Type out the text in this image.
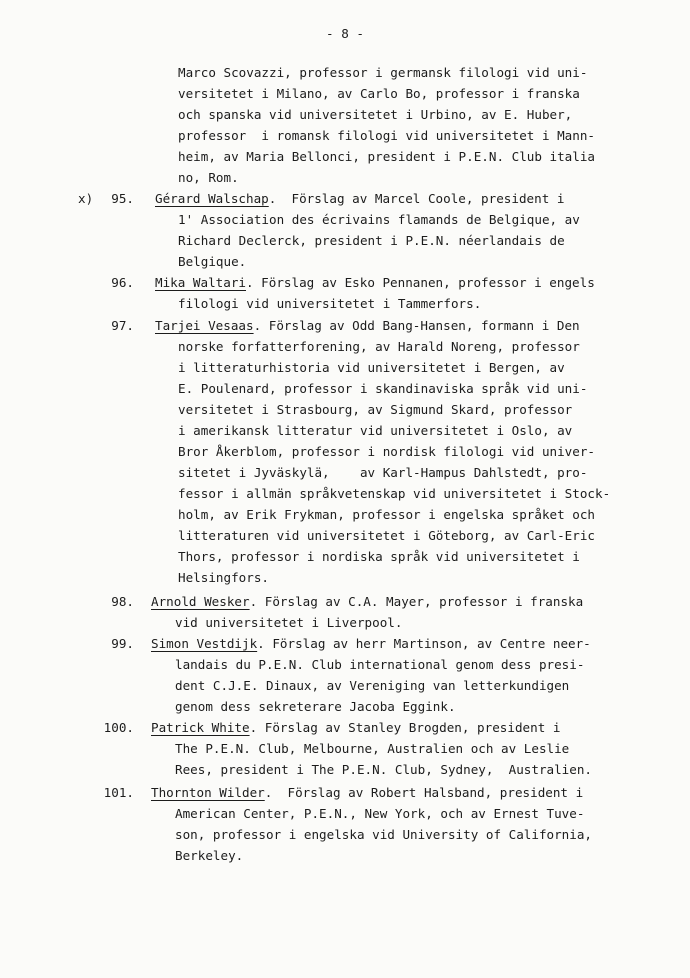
- 8 -
Marco Scovazzi, professor i germansk filologi vid uni-
versitetet i Milano, av Carlo Bo, professor i franska
och spanska vid universitetet i Urbino, av E. Huber,
professor  i romansk filologi vid universitetet i Mann-
heim, av Maria Bellonci, president i P.E.N. Club italia
no, Rom.
x)	95. Gérard Walschap.  Förslag av Marcel Coole, president i
1' Association des écrivains flamands de Belgique, av
Richard Declerck, president i P.E.N. néerlandais de
Belgique.
96. Mika Waltari. Förslag av Esko Pennanen, professor i engels
filologi vid universitetet i Tammerfors.
97. Tarjei Vesaas. Förslag av Odd Bang-Hansen, formann i Den
norske forfatterforening, av Harald Noreng, professor
i litteraturhistoria vid universitetet i Bergen, av
E. Poulenard, professor i skandinaviska språk vid uni-
versitetet i Strasbourg, av Sigmund Skard, professor
i amerikansk litteratur vid universitetet i Oslo, av
Bror Åkerblom, professor i nordisk filologi vid univer-
sitetet i Jyväskylä,    av Karl-Hampus Dahlstedt, pro-
fessor i allmän språkvetenskap vid universitetet i Stock-
holm, av Erik Frykman, professor i engelska språket och
litteraturen vid universitetet i Göteborg, av Carl-Eric
Thors, professor i nordiska språk vid universitetet i
Helsingfors.
98. Arnold Wesker. Förslag av C.A. Mayer, professor i franska
vid universitetet i Liverpool.
99. Simon Vestdijk. Förslag av herr Martinson, av Centre neer-
landais du P.E.N. Club international genom dess presi-
dent C.J.E. Dinaux, av Vereniging van letterkundigen
genom dess sekreterare Jacoba Eggink.
100. Patrick White. Förslag av Stanley Brogden, president i
The P.E.N. Club, Melbourne, Australien och av Leslie
Rees, president i The P.E.N. Club, Sydney,  Australien.
101. Thornton Wilder.  Förslag av Robert Halsband, president i
American Center, P.E.N., New York, och av Ernest Tuve-
son, professor i engelska vid University of California,
Berkeley.
